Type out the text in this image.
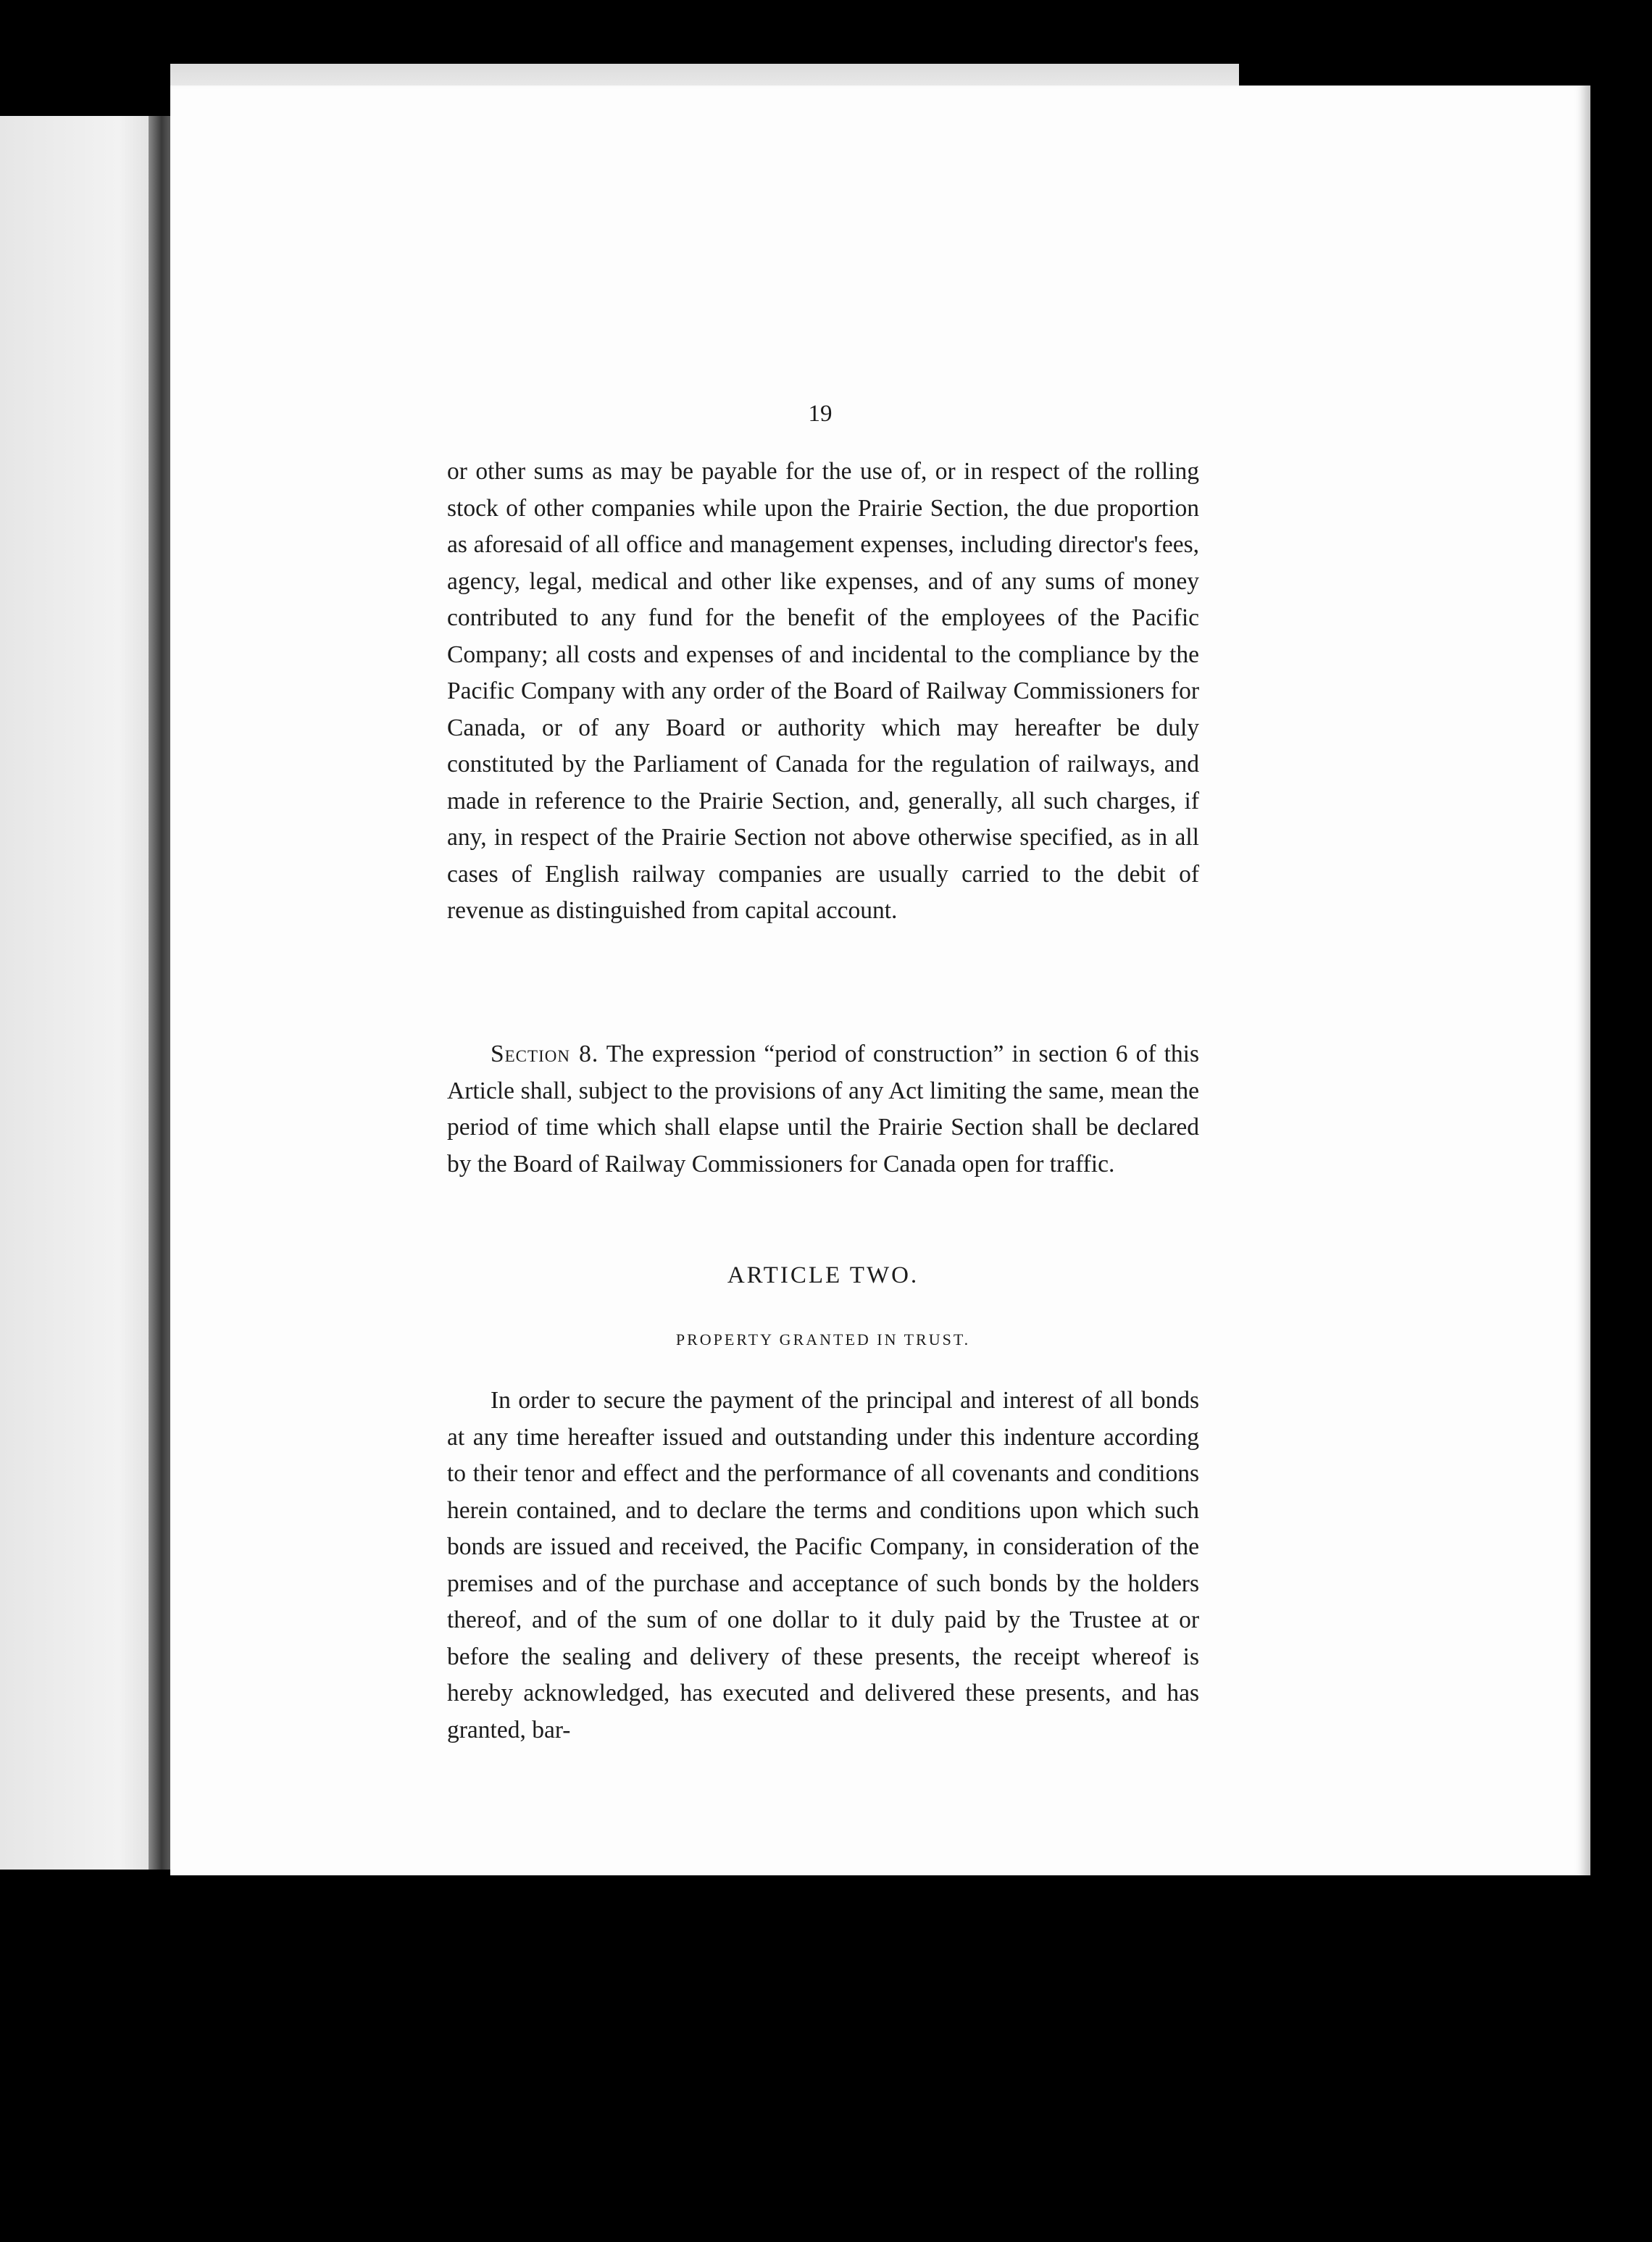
19

or other sums as may be payable for the use of, or in respect of the rolling stock of other companies while upon the Prairie Section, the due proportion as aforesaid of all office and management expenses, including director's fees, agency, legal, medical and other like expenses, and of any sums of money contributed to any fund for the benefit of the employees of the Pacific Company; all costs and expenses of and incidental to the compliance by the Pacific Company with any order of the Board of Railway Commissioners for Canada, or of any Board or authority which may hereafter be duly constituted by the Parliament of Canada for the regulation of railways, and made in reference to the Prairie Section, and, generally, all such charges, if any, in respect of the Prairie Section not above otherwise specified, as in all cases of English railway companies are usually carried to the debit of revenue as distinguished from capital account.

Section 8. The expression “period of construction” in section 6 of this Article shall, subject to the provisions of any Act limiting the same, mean the period of time which shall elapse until the Prairie Section shall be declared by the Board of Railway Commissioners for Canada open for traffic.

ARTICLE TWO.
PROPERTY GRANTED IN TRUST.

In order to secure the payment of the principal and interest of all bonds at any time hereafter issued and outstanding under this indenture according to their tenor and effect and the performance of all covenants and conditions herein contained, and to declare the terms and conditions upon which such bonds are issued and received, the Pacific Company, in consideration of the premises and of the purchase and acceptance of such bonds by the holders thereof, and of the sum of one dollar to it duly paid by the Trustee at or before the sealing and delivery of these presents, the receipt whereof is hereby acknowledged, has executed and delivered these presents, and has granted, bar-
